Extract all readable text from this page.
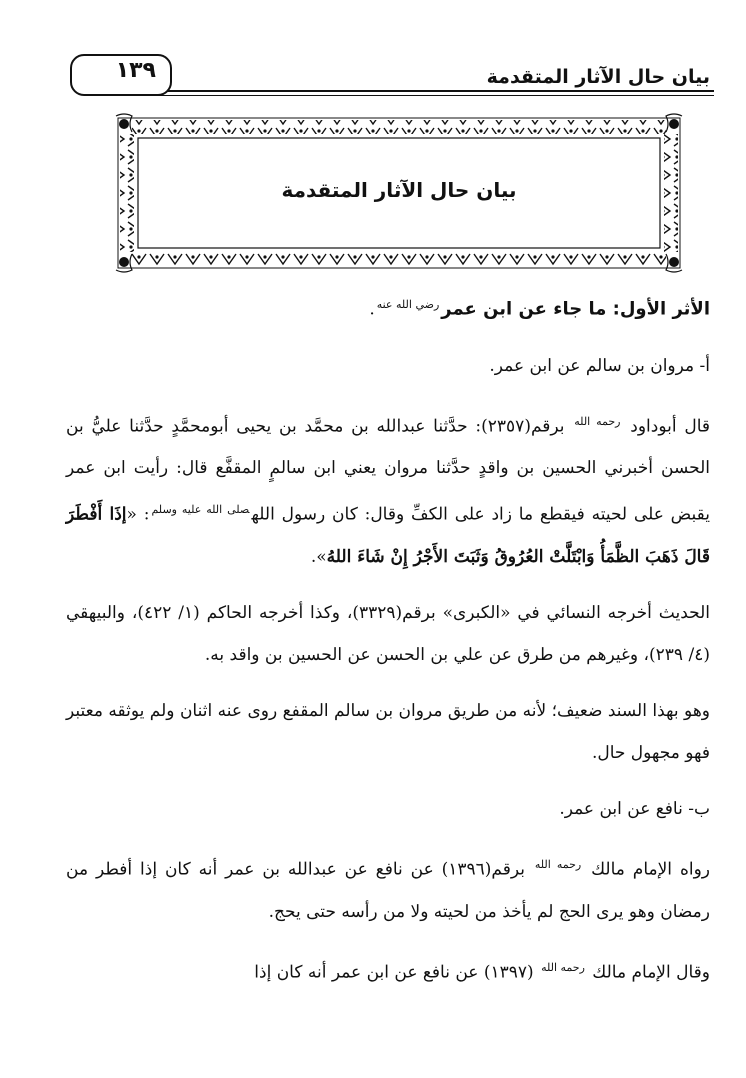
بيان حال الآثار المتقدمة
١٣٩
بيان حال الآثار المتقدمة

الأثر الأول: ما جاء عن ابن عمر$^{رضي الله عنه}$.

أ- مروان بن سالم عن ابن عمر.

قال أبوداود $^{رحمه الله}$ برقم(٢٣٥٧): حدَّثنا عبدالله بن محمَّد بن يحيى أبومحمَّدٍ حدَّثنا عليُّ بن الحسن أخبرني الحسين بن واقدٍ حدَّثنا مروان يعني ابن سالمٍ المقفَّع قال: رأيت ابن عمر يقبض على لحيته فيقطع ما زاد على الكفِّ وقال: كان رسول الله$^{صلى الله عليه وسلم}$: «إذَا أَفْطَرَ قَالَ ذَهَبَ الظَّمَأُ وَابْتَلَّتْ العُرُوقُ وَثَبَتَ الأَجْرُ إِنْ شَاءَ اللهُ».

الحديث أخرجه النسائي في «الكبرى» برقم(٣٣٢٩)، وكذا أخرجه الحاكم (١/ ٤٢٢)، والبيهقي (٤/ ٢٣٩)، وغيرهم من طرق عن علي بن الحسن عن الحسين بن واقد به.

وهو بهذا السند ضعيف؛ لأنه من طريق مروان بن سالم المقفع روى عنه اثنان ولم يوثقه معتبر فهو مجهول حال.

ب- نافع عن ابن عمر.

رواه الإمام مالك $^{رحمه الله}$ برقم(١٣٩٦) عن نافع عن عبدالله بن عمر أنه كان إذا أفطر من رمضان وهو يرى الحج لم يأخذ من لحيته ولا من رأسه حتى يحج.

وقال الإمام مالك $^{رحمه الله}$ (١٣٩٧) عن نافع عن ابن عمر أنه كان إذا
